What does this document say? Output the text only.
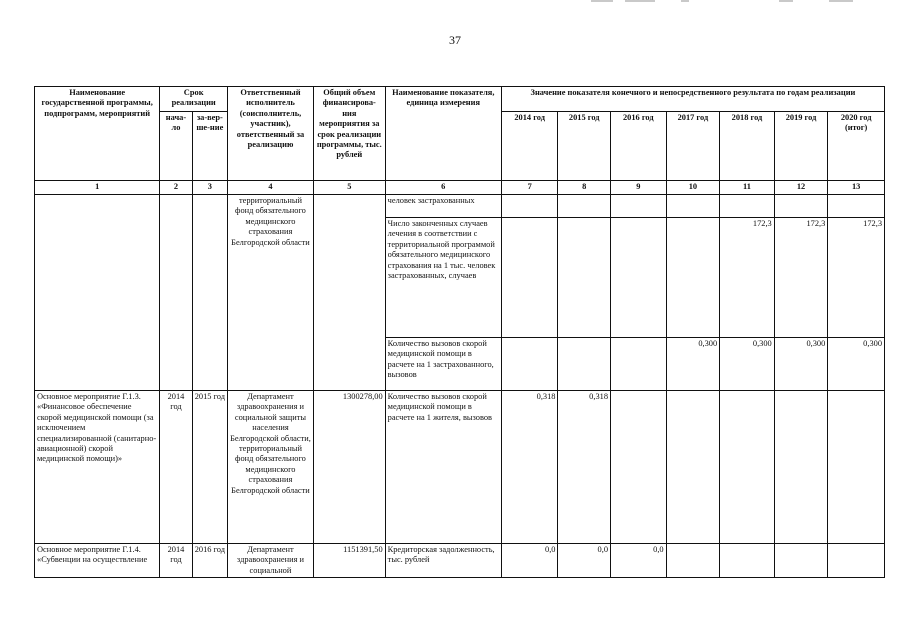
37
Наименование государственной программы, подпрограмм, мероприятий	Срок реализации		Ответственный исполнитель (соисполнитель, участник), ответственный за реализацию	Общий объем финансирова-ния мероприятия за срок реализации программы, тыс. рублей	Наименование показателя, единица измерения	Значение показателя конечного и непосредственного результата по годам реализации						
	нача-ло	за-вер-ше-ние				2014 год	2015 год	2016 год	2017 год	2018 год	2019 год	2020 год (итог)
1	2	3	4	5	6	7	8	9	10	11	12	13
			территориальный фонд обязательного медицинского страхования Белгородской области		человек застрахованных							
					Число законченных случаев лечения в соответствии с территориальной программой обязательного медицинского страхования на 1 тыс. человек застрахованных, случаев					172,3	172,3	172,3
					Количество вызовов скорой медицинской помощи в расчете на 1 застрахованного, вызовов				0,300	0,300	0,300	0,300
Основное мероприятие Г.1.3. «Финансовое обеспечение скорой медицинской помощи (за исключением специализированной (санитарно-авиационной) скорой медицинской помощи)»	2014 год	2015 год	Департамент здравоохранения и социальной защиты населения Белгородской области, территориальный фонд обязательного медицинского страхования Белгородской области	1300278,00	Количество вызовов скорой медицинской помощи в расчете на 1 жителя, вызовов	0,318	0,318					
Основное мероприятие Г.1.4. «Субвенции на осуществление	2014 год	2016 год	Департамент здравоохранения и социальной	1151391,50	Кредиторская задолженность, тыс. рублей	0,0	0,0	0,0				
